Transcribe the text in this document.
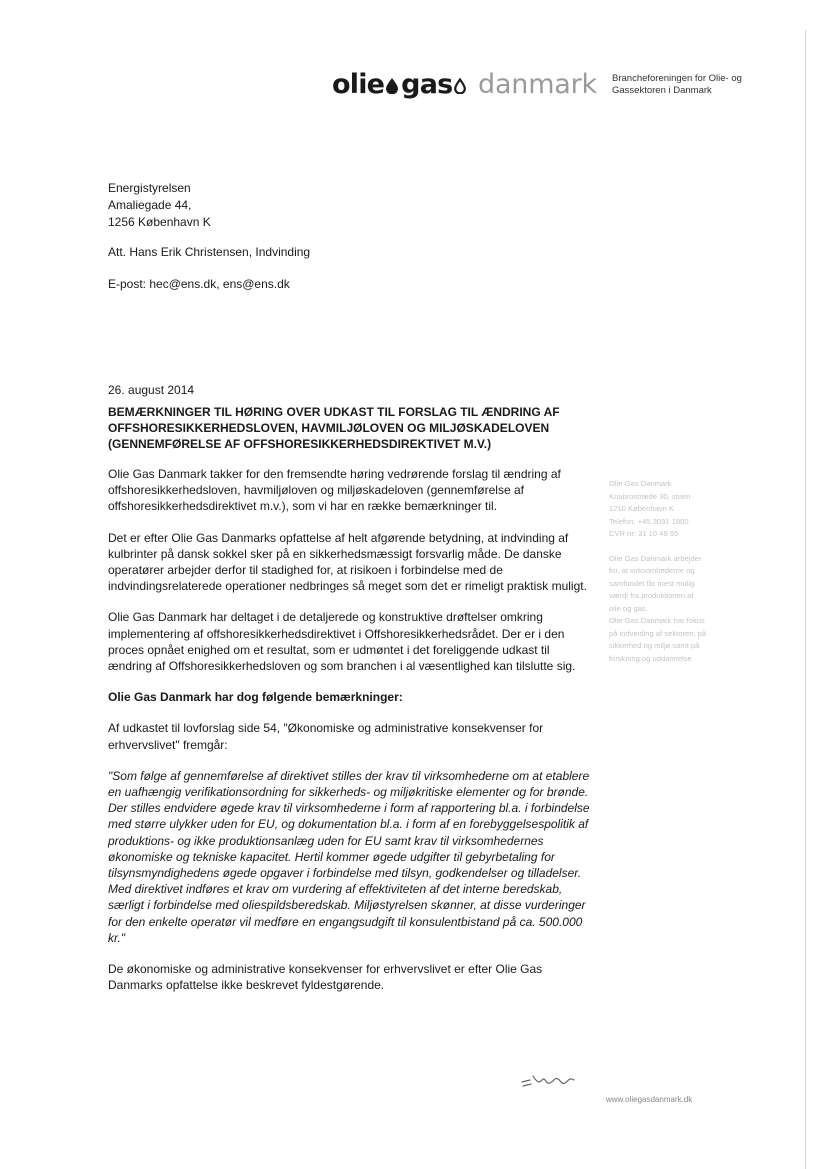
olie gas danmark Brancheforeningen for Olie- og
Gassektoren i Danmark
Energistyrelsen
Amaliegade 44,
1256 København K
Att. Hans Erik Christensen, Indvinding
E-post: hec@ens.dk, ens@ens.dk
26. august 2014
BEMÆRKNINGER TIL HØRING OVER UDKAST TIL FORSLAG TIL ÆNDRING AF OFFSHORESIKKERHEDSLOVEN, HAVMILJØLOVEN OG MILJØSKADELOVEN (GENNEMFØRELSE AF OFFSHORESIKKERHEDSDIREKTIVET M.V.)

Olie Gas Danmark takker for den fremsendte høring vedrørende forslag til ændring af offshoresikkerhedsloven, havmiljøloven og miljøskadeloven (gennemførelse af offshoresikkerhedsdirektivet m.v.), som vi har en række bemærkninger til.

Det er efter Olie Gas Danmarks opfattelse af helt afgørende betydning, at indvinding af kulbrinter på dansk sokkel sker på en sikkerhedsmæssigt forsvarlig måde. De danske operatører arbejder derfor til stadighed for, at risikoen i forbindelse med de indvindingsrelaterede operationer nedbringes så meget som det er rimeligt praktisk muligt.

Olie Gas Danmark har deltaget i de detaljerede og konstruktive drøftelser omkring implementering af offshoresikkerhedsdirektivet i Offshoresikkerhedsrådet. Der er i den proces opnået enighed om et resultat, som er udmøntet i det foreliggende udkast til ændring af Offshoresikkerhedsloven og som branchen i al væsentlighed kan tilslutte sig.

Olie Gas Danmark har dog følgende bemærkninger:

Af udkastet til lovforslag side 54, "Økonomiske og administrative konsekvenser for erhvervslivet" fremgår:

"Som følge af gennemførelse af direktivet stilles der krav til virksomhederne om at etablere en uafhængig verifikationsordning for sikkerheds- og miljøkritiske elementer og for brønde. Der stilles endvidere øgede krav til virksomhederne i form af rapportering bl.a. i forbindelse med større ulykker uden for EU, og dokumentation bl.a. i form af en forebyggelsespolitik af produktions- og ikke produktionsanlæg uden for EU samt krav til virksomhedernes økonomiske og tekniske kapacitet. Hertil kommer øgede udgifter til gebyrbetaling for tilsynsmyndighedens øgede opgaver i forbindelse med tilsyn, godkendelser og tilladelser.
Med direktivet indføres et krav om vurdering af effektiviteten af det interne beredskab, særligt i forbindelse med oliespildsberedskab. Miljøstyrelsen skønner, at disse vurderinger for den enkelte operatør vil medføre en engangsudgift til konsulentbistand på ca. 500.000 kr."

De økonomiske og administrative konsekvenser for erhvervslivet er efter Olie Gas Danmarks opfattelse ikke beskrevet fyldestgørende.

Olie Gas Danmark
Knabrostræde 30, stuen
1210 København K
Telefon: +45 3091 1800
CVR nr: 31 10 48 95
Olie Gas Danmark arbejder
for, at virksomhederne og
samfundet får mest mulig
værdi fra produktionen af
olie og gas.
Olie Gas Danmark har fokus
på indvinding af sektoren, på
sikkerhed og miljø samt på
forskning og uddannelse.
www.oliegasdanmark.dk
